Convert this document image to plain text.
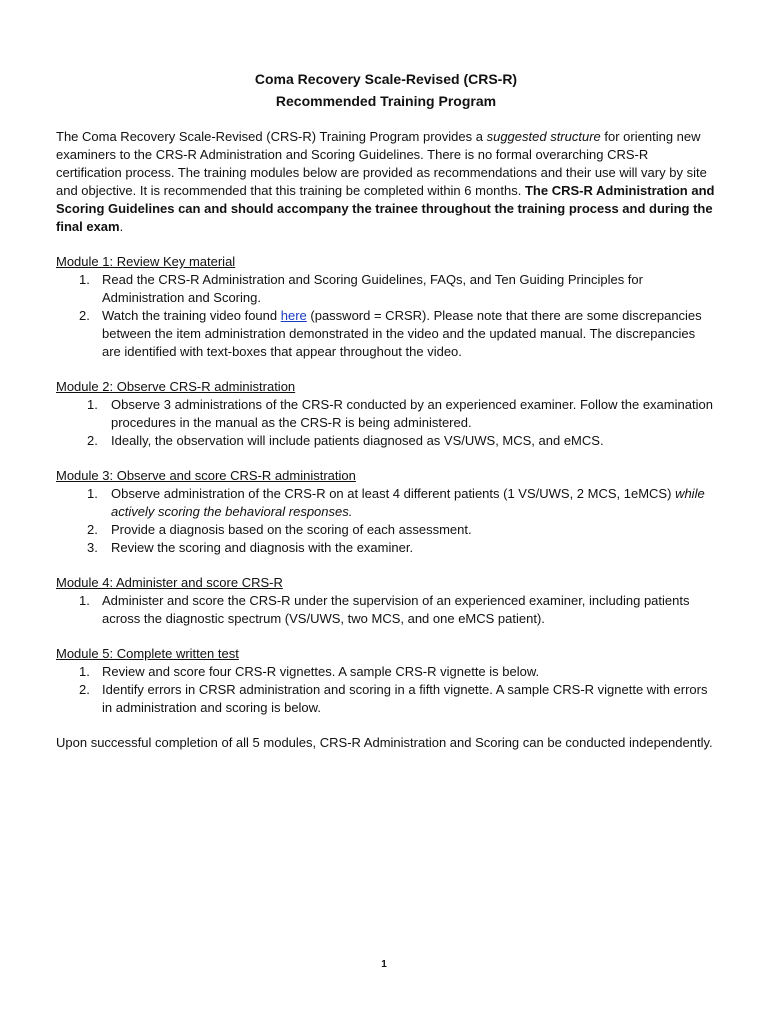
Coma Recovery Scale-Revised (CRS-R)

Recommended Training Program

The Coma Recovery Scale-Revised (CRS-R) Training Program provides a suggested structure for orienting new examiners to the CRS-R Administration and Scoring Guidelines. There is no formal overarching CRS-R certification process. The training modules below are provided as recommendations and their use will vary by site and objective. It is recommended that this training be completed within 6 months. The CRS-R Administration and Scoring Guidelines can and should accompany the trainee throughout the training process and during the final exam.

Module 1: Review Key material

1. Read the CRS-R Administration and Scoring Guidelines, FAQs, and Ten Guiding Principles for Administration and Scoring.
2. Watch the training video found here (password = CRSR). Please note that there are some discrepancies between the item administration demonstrated in the video and the updated manual. The discrepancies are identified with text-boxes that appear throughout the video.

Module 2: Observe CRS-R administration

1. Observe 3 administrations of the CRS-R conducted by an experienced examiner. Follow the examination procedures in the manual as the CRS-R is being administered.
2. Ideally, the observation will include patients diagnosed as VS/UWS, MCS, and eMCS.

Module 3: Observe and score CRS-R administration

1. Observe administration of the CRS-R on at least 4 different patients (1 VS/UWS, 2 MCS, 1eMCS) while actively scoring the behavioral responses.
2. Provide a diagnosis based on the scoring of each assessment.
3. Review the scoring and diagnosis with the examiner.

Module 4: Administer and score CRS-R

1. Administer and score the CRS-R under the supervision of an experienced examiner, including patients across the diagnostic spectrum (VS/UWS, two MCS, and one eMCS patient).

Module 5: Complete written test

1. Review and score four CRS-R vignettes. A sample CRS-R vignette is below.
2. Identify errors in CRSR administration and scoring in a fifth vignette. A sample CRS-R vignette with errors in administration and scoring is below.

Upon successful completion of all 5 modules, CRS-R Administration and Scoring can be conducted independently.

1
